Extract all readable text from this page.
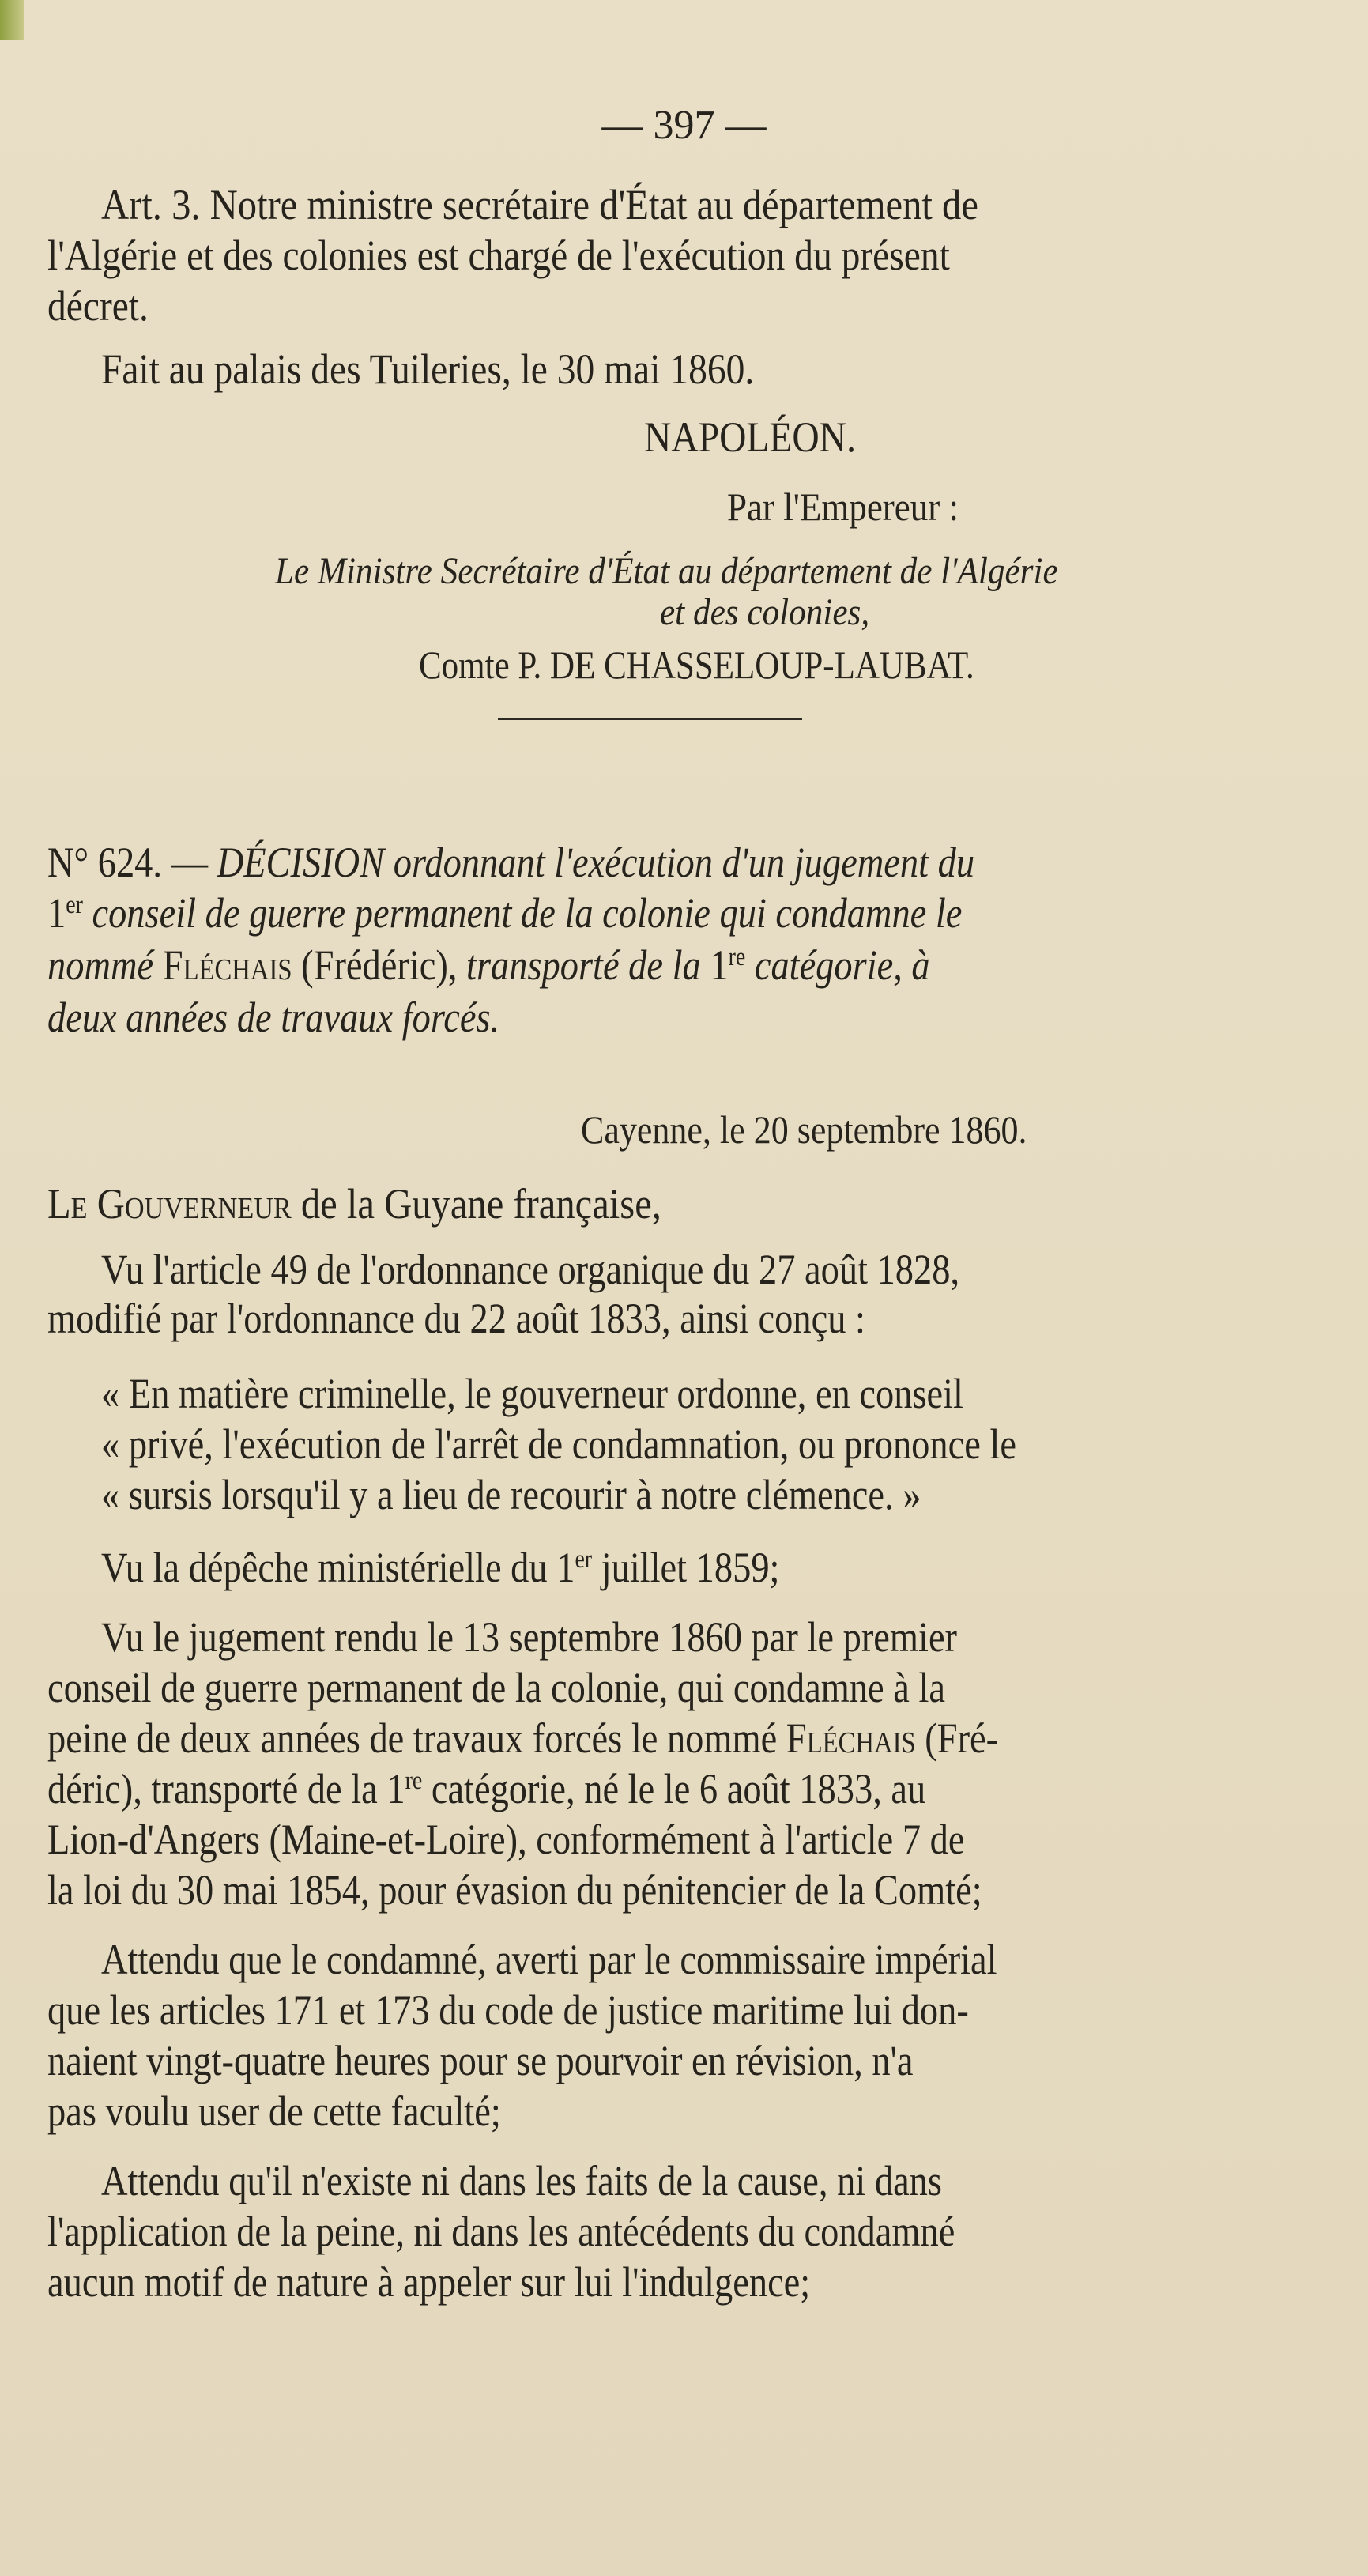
— 397 —
Art. 3. Notre ministre secrétaire d'État au département de
l'Algérie et des colonies est chargé de l'exécution du présent
décret.
Fait au palais des Tuileries, le 30 mai 1860.
NAPOLÉON.
Par l'Empereur :
Le Ministre Secrétaire d'État au département de l'Algérie
et des colonies,
Comte P. DE CHASSELOUP-LAUBAT.
N° 624. — DÉCISION ordonnant l'exécution d'un jugement du
1er conseil de guerre permanent de la colonie qui condamne le
nommé Fléchais (Frédéric), transporté de la 1re catégorie, à
deux années de travaux forcés.
Cayenne, le 20 septembre 1860.
Le Gouverneur de la Guyane française,
Vu l'article 49 de l'ordonnance organique du 27 août 1828,
modifié par l'ordonnance du 22 août 1833, ainsi conçu :
« En matière criminelle, le gouverneur ordonne, en conseil
« privé, l'exécution de l'arrêt de condamnation, ou prononce le
« sursis lorsqu'il y a lieu de recourir à notre clémence. »
Vu la dépêche ministérielle du 1er juillet 1859;
Vu le jugement rendu le 13 septembre 1860 par le premier
conseil de guerre permanent de la colonie, qui condamne à la
peine de deux années de travaux forcés le nommé Fléchais (Fré-
déric), transporté de la 1re catégorie, né le le 6 août 1833, au
Lion-d'Angers (Maine-et-Loire), conformément à l'article 7 de
la loi du 30 mai 1854, pour évasion du pénitencier de la Comté;
Attendu que le condamné, averti par le commissaire impérial
que les articles 171 et 173 du code de justice maritime lui don-
naient vingt-quatre heures pour se pourvoir en révision, n'a
pas voulu user de cette faculté;
Attendu qu'il n'existe ni dans les faits de la cause, ni dans
l'application de la peine, ni dans les antécédents du condamné
aucun motif de nature à appeler sur lui l'indulgence;
